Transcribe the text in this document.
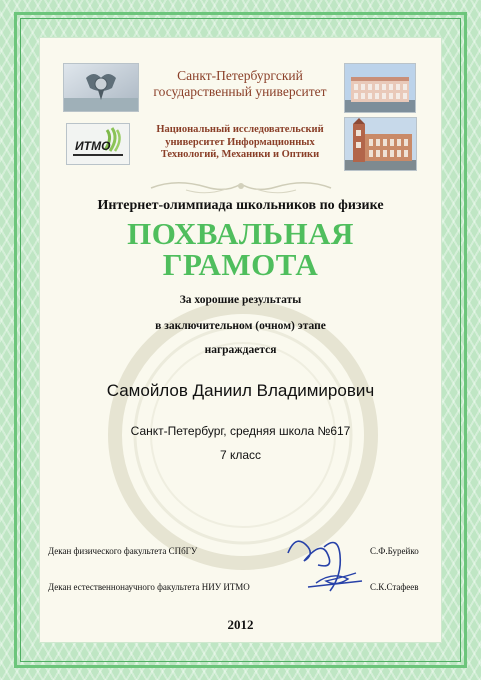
ИТМО
Санкт-Петербургский
государственный университет
Национальный исследовательский
университет Информационных
Технологий, Механики и Оптики
Интернет-олимпиада школьников по физике
ПОХВАЛЬНАЯ
ГРАМОТА
За хорошие результаты
в заключительном (очном) этапе
награждается
Самойлов Даниил Владимирович
Санкт-Петербург, средняя школа №617
7 класс
Декан физического факультета СПбГУ	С.Ф.Бурейко
Декан естественнонаучного факультета НИУ ИТМО	С.К.Стафеев
2012
